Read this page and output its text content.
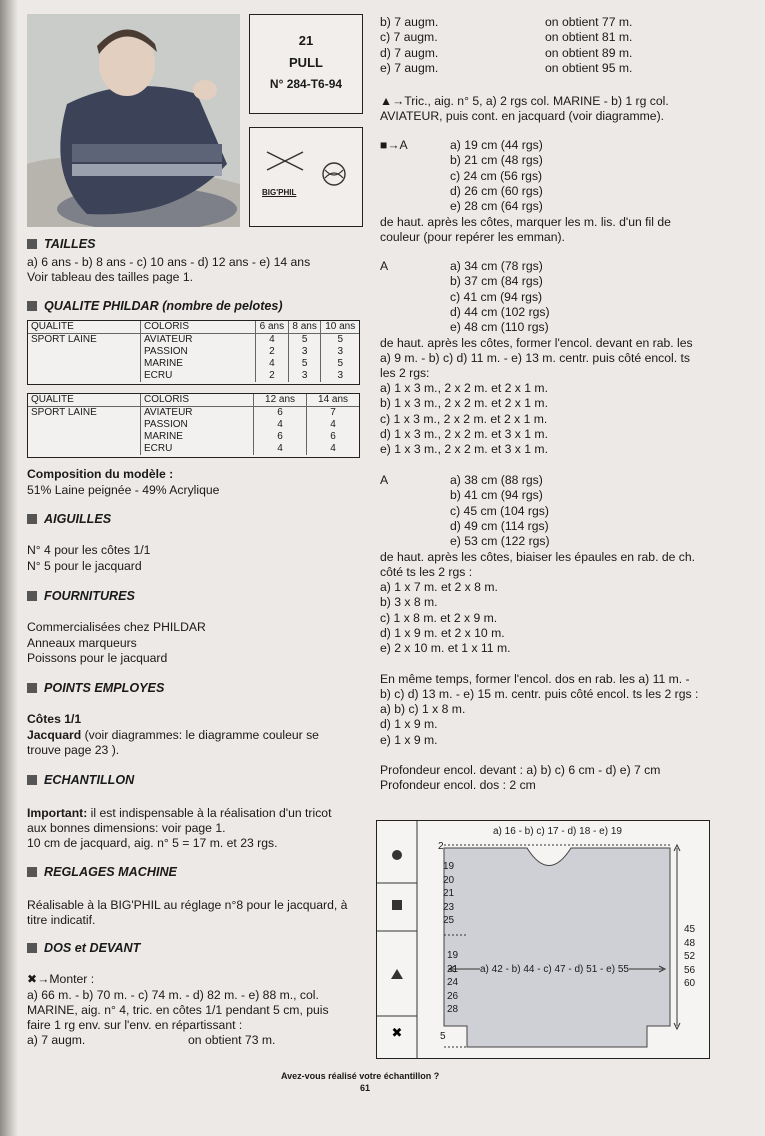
21
PULL
N° 284-T6-94
BIG'PHIL
TAILLES
a) 6 ans - b) 8 ans - c) 10 ans - d) 12 ans - e) 14 ans
Voir tableau des tailles page 1.
QUALITE PHILDAR (nombre de pelotes)
QUALITE	COLORIS	6 ans	8 ans	10 ans
SPORT LAINE	AVIATEUR	4	5	5
	PASSION	2	3	3
	MARINE	4	5	5
	ECRU	2	3	3
QUALITE	COLORIS	12 ans	14 ans
SPORT LAINE	AVIATEUR	6	7
	PASSION	4	4
	MARINE	6	6
	ECRU	4	4
Composition du modèle :
51% Laine peignée - 49% Acrylique
AIGUILLES
N° 4 pour les côtes 1/1
N° 5 pour le jacquard
FOURNITURES
Commercialisées chez PHILDAR
Anneaux marqueurs
Poissons pour le jacquard
POINTS EMPLOYES
Côtes 1/1
Jacquard (voir diagrammes: le diagramme couleur se
trouve page 23 ).
ECHANTILLON
Important: il est indispensable à la réalisation d'un tricot
aux bonnes dimensions: voir page 1.
10 cm de jacquard, aig. n° 5 = 17 m. et 23 rgs.
REGLAGES MACHINE
Réalisable à la BIG'PHIL au réglage n°8 pour le jacquard, à
titre indicatif.
DOS et DEVANT
✖→Monter :
a) 66 m. - b) 70 m. - c) 74 m. - d) 82 m. - e) 88 m., col.
MARINE, aig. n° 4, tric. en côtes 1/1 pendant 5 cm, puis
faire 1 rg env. sur l'env. en répartissant :
a) 7 augm.	on obtient 73 m.
b) 7 augm.	on obtient 77 m.
c) 7 augm.	on obtient 81 m.
d) 7 augm.	on obtient 89 m.
e) 7 augm.	on obtient 95 m.
▲→Tric., aig. n° 5, a) 2 rgs col. MARINE - b) 1 rg col.
AVIATEUR, puis cont. en jacquard (voir diagramme).
■→A	a) 19 cm (44 rgs)
b) 21 cm (48 rgs)
c) 24 cm (56 rgs)
d) 26 cm (60 rgs)
e) 28 cm (64 rgs)
de haut. après les côtes, marquer les m. lis. d'un fil de
couleur (pour repérer les emman).
A	a) 34 cm (78 rgs)
b) 37 cm (84 rgs)
c) 41 cm (94 rgs)
d) 44 cm (102 rgs)
e) 48 cm (110 rgs)
de haut. après les côtes, former l'encol. devant en rab. les
a) 9 m. - b) c) d) 11 m. - e) 13 m. centr. puis côté encol. ts
les 2 rgs:
a) 1 x 3 m., 2 x 2 m. et 2 x 1 m.
b) 1 x 3 m., 2 x 2 m. et 2 x 1 m.
c) 1 x 3 m., 2 x 2 m. et 2 x 1 m.
d) 1 x 3 m., 2 x 2 m. et 3 x 1 m.
e) 1 x 3 m., 2 x 2 m. et 3 x 1 m.
A	a) 38 cm (88 rgs)
b) 41 cm (94 rgs)
c) 45 cm (104 rgs)
d) 49 cm (114 rgs)
e) 53 cm (122 rgs)
de haut. après les côtes, biaiser les épaules en rab. de ch.
côté ts les 2 rgs :
a) 1 x 7 m. et 2 x 8 m.
b) 3 x 8 m.
c) 1 x 8 m. et 2 x 9 m.
d) 1 x 9 m. et 2 x 10 m.
e) 2 x 10 m. et 1 x 11 m.
En même temps, former l'encol. dos en rab. les a) 11 m. -
b) c) d) 13 m. - e) 15 m. centr. puis côté encol. ts les 2 rgs :
a) b) c) 1 x 8 m.
d) 1 x 9 m.
e) 1 x 9 m.
Profondeur encol. devant : a) b) c) 6 cm - d) e) 7 cm
Profondeur encol. dos : 2 cm
✖
a) 16 - b) c) 17 - d) 18 - e) 19
2
19
20
21
23
25
19
21
24
26
28
a) 42 - b) 44 - c) 47 - d) 51 - e) 55
5
45
48
52
56
60
Avez-vous réalisé votre échantillon ?
61
